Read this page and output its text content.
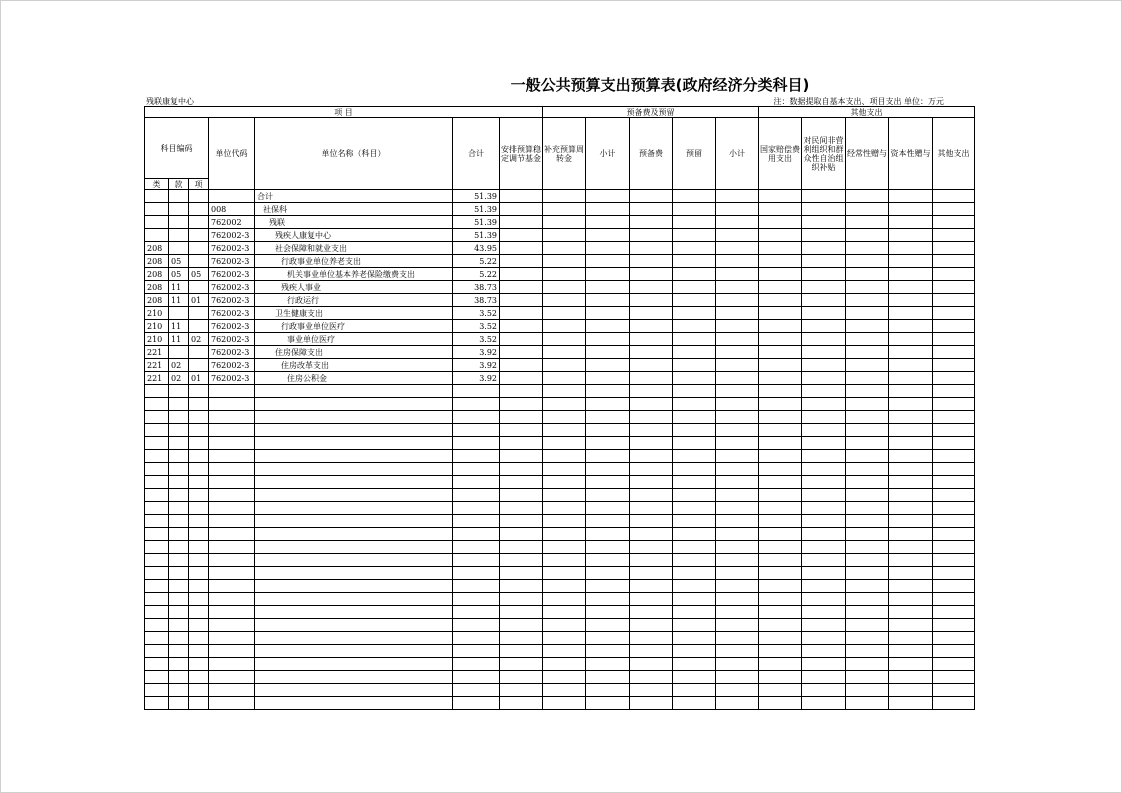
一般公共预算支出预算表(政府经济分类科目)
残联康复中心	注：数据提取自基本支出、项目支出 单位：万元
项 目							预备费及预留					其他支出				
科目编码			单位代码	单位名称（科目）	合计	安排预算稳定调节基金	补充预算周转金	小计	预备费	预留	小计	国家赔偿费用支出	对民间非营利组织和群众性自治组织补贴	经常性赠与	资本性赠与	其他支出
类	款	项														
				合计	51.39											
			008	社保科	51.39											
			762002	残联	51.39											
			762002-3	残疾人康复中心	51.39											
208			762002-3	社会保障和就业支出	43.95											
208	05		762002-3	行政事业单位养老支出	5.22											
208	05	05	762002-3	机关事业单位基本养老保险缴费支出	5.22											
208	11		762002-3	残疾人事业	38.73											
208	11	01	762002-3	行政运行	38.73											
210			762002-3	卫生健康支出	3.52											
210	11		762002-3	行政事业单位医疗	3.52											
210	11	02	762002-3	事业单位医疗	3.52											
221			762002-3	住房保障支出	3.92											
221	02		762002-3	住房改革支出	3.92											
221	02	01	762002-3	住房公积金	3.92											
